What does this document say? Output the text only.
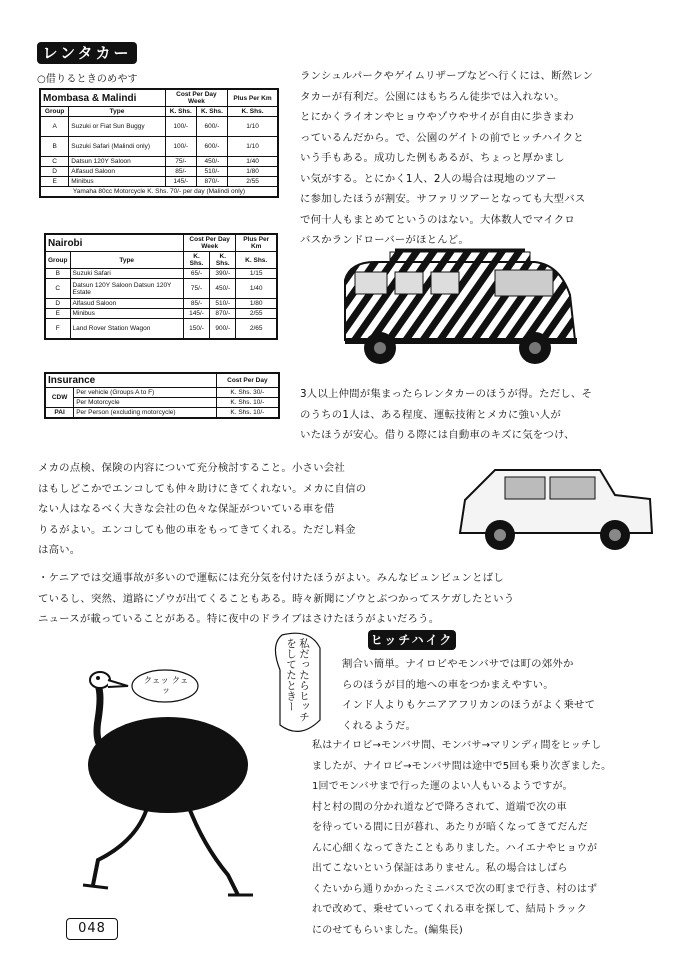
レンタカー
○借りるときのめやす
Mombasa & Malindi		Cost Per Day
Week		Plus Per Km
Group	Type	K. Shs.	K. Shs.	K. Shs.
A	Suzuki or Fiat Sun Buggy	100/-	600/-	1/10
B	Suzuki Safari (Malindi only)	100/-	600/-	1/10
C	Datsun 120Y Saloon	75/-	450/-	1/40
D	Alfasud Saloon	85/-	510/-	1/80
E	Minibus	145/-	870/-	2/55
Yamaha 80cc Motorcycle K. Shs. 70/- per day (Malindi only)				
Nairobi		Cost Per Day
Week		Plus Per Km
Group	Type	K. Shs.	K. Shs.	K. Shs.
B	Suzuki Safari	65/-	390/-	1/15
C	Datsun 120Y Saloon Datsun 120Y Estate	75/-	450/-	1/40
D	Alfasud Saloon	85/-	510/-	1/80
E	Minibus	145/-	870/-	2/55
F	Land Rover Station Wagon	150/-	900/-	2/65
Insurance		Cost Per Day
CDW	Per vehicle (Groups A to F)	K. Shs. 30/-
	Per Motorcycle	K. Shs. 10/-
PAI	Per Person (excluding motorcycle)	K. Shs. 10/-
ランシュルパークやゲイムリザーブなどへ行くには、断然レン
タカーが有利だ。公園にはもちろん徒歩では入れない。
とにかくライオンやヒョウやゾウやサイが自由に歩きまわ
っているんだから。で、公園のゲイトの前でヒッチハイクと
いう手もある。成功した例もあるが、ちょっと厚かまし
い気がする。とにかく1人、2人の場合は現地のツアー
に参加したほうが割安。サファリツアーとなっても大型バス
で何十人もまとめてというのはない。大体数人でマイクロ
バスかランドローバーがほとんど。
3人以上仲間が集まったらレンタカーのほうが得。ただし、そ
のうちの1人は、ある程度、運転技術とメカに強い人が
いたほうが安心。借りる際には自動車のキズに気をつけ、
メカの点検、保険の内容について充分検討すること。小さい会社
はもしどこかでエンコしても仲々助けにきてくれない。メカに自信の
ない人はなるべく大きな会社の色々な保証がついている車を借
りるがよい。エンコしても他の車をもってきてくれる。ただし料金
は高い。
・ケニアでは交通事故が多いので運転には充分気を付けたほうがよい。みんなビュンビュンとばし
ているし、突然、道路にゾウが出てくることもある。時々新聞にゾウとぶつかってスケガしたという
ニュースが載っていることがある。特に夜中のドライブはさけたほうがよいだろう。
ヒッチハイク
割合い簡単。ナイロビやモンバサでは町の郊外か
らのほうが目的地への車をつかまえやすい。
インド人よりもケニアアフリカンのほうがよく乗せて
くれるようだ。
私はナイロビ→モンバサ間、モンバサ→マリンディ間をヒッチし
ましたが、ナイロビ→モンバサ間は途中で5回も乗り次ぎました。
1回でモンバサまで行った運のよい人もいるようですが。
村と村の間の分かれ道などで降ろされて、道端で次の車
を待っている間に日が暮れ、あたりが暗くなってきてだんだ
んに心細くなってきたこともありました。ハイエナやヒョウが
出てこないという保証はありません。私の場合はしばら
くたいから通りかかったミニバスで次の町まで行き、村のはず
れで改めて、乗せていってくれる車を探して、結局トラック
にのせてもらいました。(編集長)
私だったらヒッチをしてたときー
クェッ クェッ
048
